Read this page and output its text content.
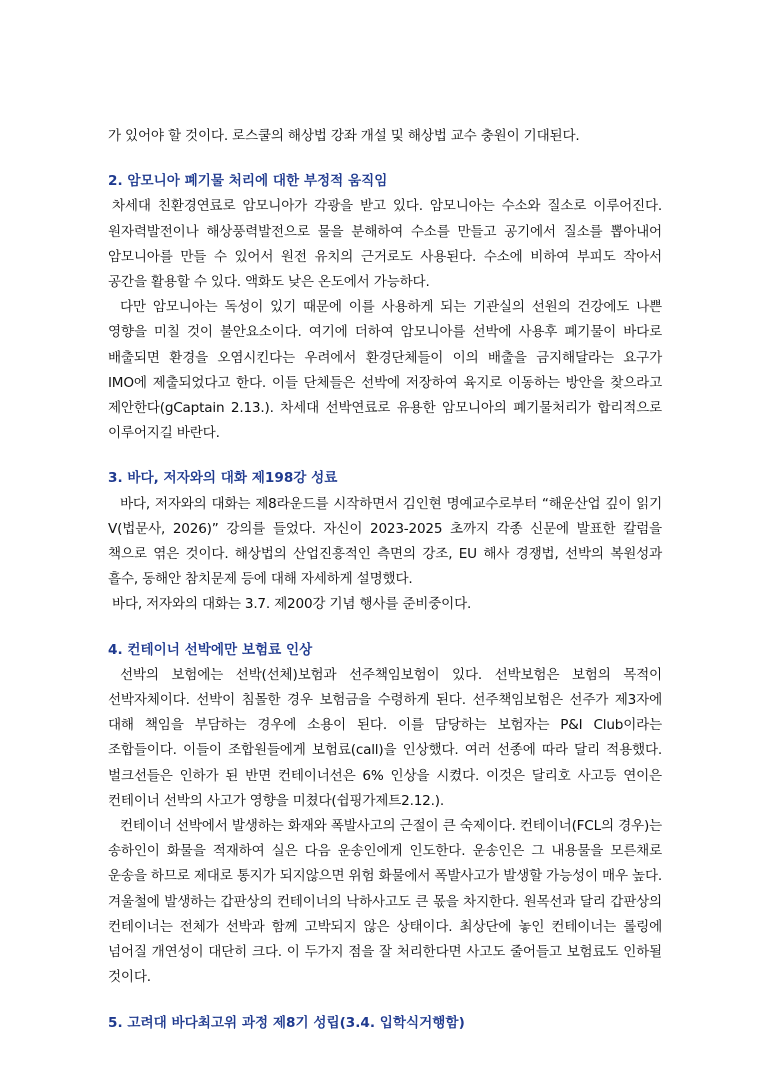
가 있어야 할 것이다. 로스쿨의 해상법 강좌 개설 및 해상법 교수 충원이 기대된다.

2. 암모니아 폐기물 처리에 대한 부정적 움직임

차세대 친환경연료로 암모니아가 각광을 받고 있다. 암모니아는 수소와 질소로 이루어진다. 원자력발전이나 해상풍력발전으로 물을 분해하여 수소를 만들고 공기에서 질소를 뽑아내어 암모니아를 만들 수 있어서 원전 유치의 근거로도 사용된다. 수소에 비하여 부피도 작아서 공간을 활용할 수 있다. 액화도 낮은 온도에서 가능하다.

다만 암모니아는 독성이 있기 때문에 이를 사용하게 되는 기관실의 선원의 건강에도 나쁜 영향을 미칠 것이 불안요소이다. 여기에 더하여 암모니아를 선박에 사용후 폐기물이 바다로 배출되면 환경을 오염시킨다는 우려에서 환경단체들이 이의 배출을 금지해달라는 요구가 IMO에 제출되었다고 한다. 이들 단체들은 선박에 저장하여 육지로 이동하는 방안을 찾으라고 제안한다(gCaptain 2.13.). 차세대 선박연료로 유용한 암모니아의 폐기물처리가 합리적으로 이루어지길 바란다.

3. 바다, 저자와의 대화 제198강 성료

바다, 저자와의 대화는 제8라운드를 시작하면서 김인현 명예교수로부터 “해운산업 깊이 읽기 V(법문사, 2026)” 강의를 들었다. 자신이 2023-2025 초까지 각종 신문에 발표한 칼럼을 책으로 엮은 것이다. 해상법의 산업진흥적인 측면의 강조, EU 해사 경쟁법, 선박의 복원성과 흘수, 동해안 참치문제 등에 대해 자세하게 설명했다.

바다, 저자와의 대화는 3.7. 제200강 기념 행사를 준비중이다.

4. 컨테이너 선박에만 보험료 인상

선박의 보험에는 선박(선체)보험과 선주책임보험이 있다. 선박보험은 보험의 목적이 선박자체이다. 선박이 침몰한 경우 보험금을 수령하게 된다. 선주책임보험은 선주가 제3자에 대해 책임을 부담하는 경우에 소용이 된다. 이를 담당하는 보험자는 P&I Club이라는 조합들이다. 이들이 조합원들에게 보험료(call)을 인상했다. 여러 선종에 따라 달리 적용했다. 벌크선들은 인하가 된 반면 컨테이너선은 6% 인상을 시켰다. 이것은 달리호 사고등 연이은 컨테이너 선박의 사고가 영향을 미쳤다(쉽핑가제트2.12.).

컨테이너 선박에서 발생하는 화재와 폭발사고의 근절이 큰 숙제이다. 컨테이너(FCL의 경우)는 송하인이 화물을 적재하여 실은 다음 운송인에게 인도한다. 운송인은 그 내용물을 모른채로 운송을 하므로 제대로 통지가 되지않으면 위험 화물에서 폭발사고가 발생할 가능성이 매우 높다. 겨울철에 발생하는 갑판상의 컨테이너의 낙하사고도 큰 몫을 차지한다. 원목선과 달리 갑판상의 컨테이너는 전체가 선박과 함께 고박되지 않은 상태이다. 최상단에 놓인 컨테이너는 롤링에 넘어질 개연성이 대단히 크다. 이 두가지 점을 잘 처리한다면 사고도 줄어들고 보험료도 인하될 것이다.

5. 고려대 바다최고위 과정 제8기 성립(3.4. 입학식거행함)
